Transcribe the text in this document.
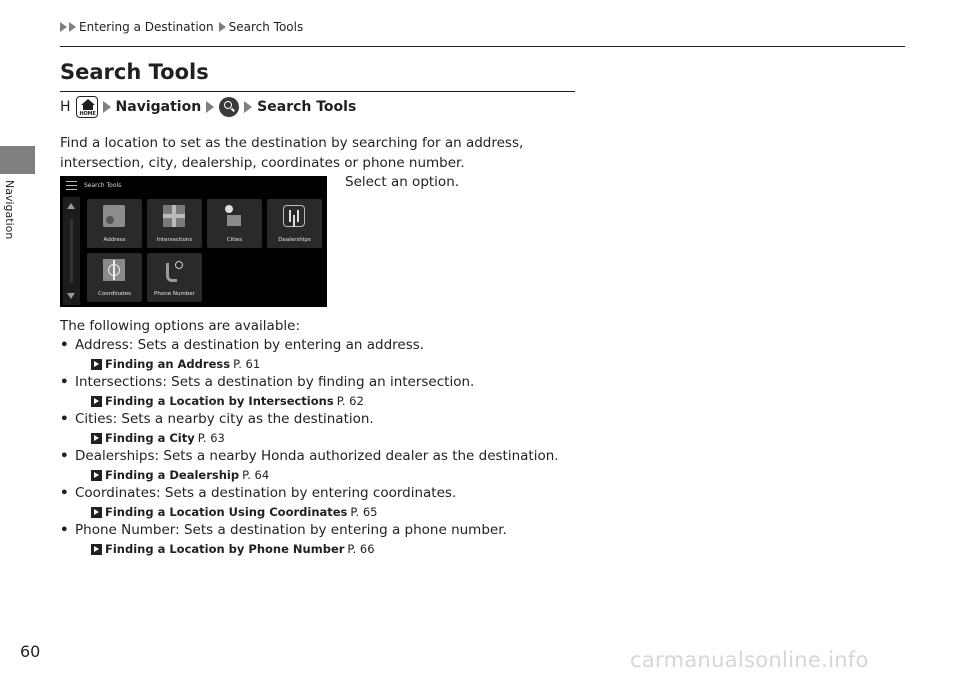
Navigation
Entering a Destination Search Tools
Search Tools
H	HOME Navigation	Search Tools
Find a location to set as the destination by searching for an address, intersection, city, dealership, coordinates or phone number.
Select an option.
Search Tools
Address	Intersections	Cities	Dealerships
Coordinates	Phone Number
The following options are available:
• Address: Sets a destination by entering an address.
Finding an Address P. 61
• Intersections: Sets a destination by finding an intersection.
Finding a Location by Intersections P. 62
• Cities: Sets a nearby city as the destination.
Finding a City P. 63
• Dealerships: Sets a nearby Honda authorized dealer as the destination.
Finding a Dealership P. 64
• Coordinates: Sets a destination by entering coordinates.
Finding a Location Using Coordinates P. 65
• Phone Number: Sets a destination by entering a phone number.
Finding a Location by Phone Number P. 66
60	carmanualsonline.info
